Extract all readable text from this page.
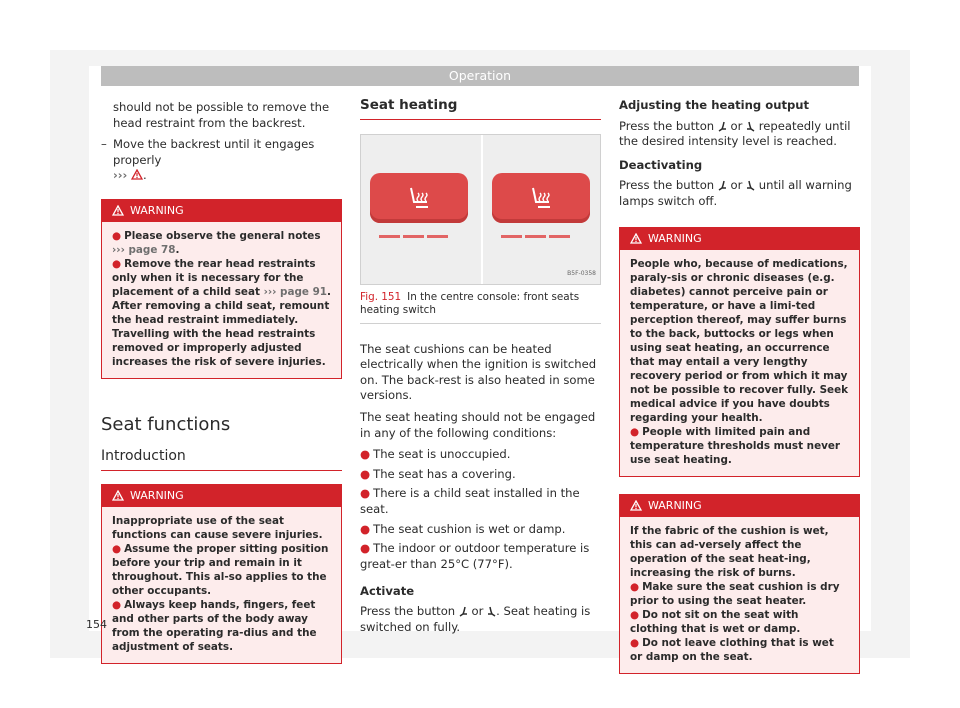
Operation

should not be possible to remove the head restraint from the backrest.

– Move the backrest until it engages properly
››› .
WARNING

● Please observe the general notes
››› page 78.

● Remove the rear head restraints only when it is necessary for the placement of a child seat ››› page 91. After removing a child seat, remount the head restraint immediately. Travelling with the head restraints removed or improperly adjusted increases the risk of severe injuries.

Seat functions
Introduction
WARNING

Inappropriate use of the seat functions can cause severe injuries.

● Assume the proper sitting position before your trip and remain in it throughout. This al-so applies to the other occupants.

● Always keep hands, fingers, feet and other parts of the body away from the operating ra-dius and the adjustment of seats.

Seat heating
B5F-0358
Fig. 151 In the centre console: front seats heating switch

The seat cushions can be heated electrically when the ignition is switched on. The back-rest is also heated in some versions.

The seat heating should not be engaged in any of the following conditions:

● The seat is unoccupied.

● The seat has a covering.

● There is a child seat installed in the seat.

● The seat cushion is wet or damp.

● The indoor or outdoor temperature is great-er than 25°C (77°F).

Activate

Press the button or . Seat heating is switched on fully.

Adjusting the heating output

Press the button or repeatedly until the desired intensity level is reached.

Deactivating

Press the button or until all warning lamps switch off.

WARNING

People who, because of medications, paraly-sis or chronic diseases (e.g. diabetes) cannot perceive pain or temperature, or have a limi-ted perception thereof, may suffer burns to the back, buttocks or legs when using seat heating, an occurrence that may entail a very lengthy recovery period or from which it may not be possible to recover fully. Seek medical advice if you have doubts regarding your health.

● People with limited pain and temperature thresholds must never use seat heating.

WARNING

If the fabric of the cushion is wet, this can ad-versely affect the operation of the seat heat-ing, increasing the risk of burns.

● Make sure the seat cushion is dry prior to using the seat heater.

● Do not sit on the seat with clothing that is wet or damp.

● Do not leave clothing that is wet or damp on the seat.

154
